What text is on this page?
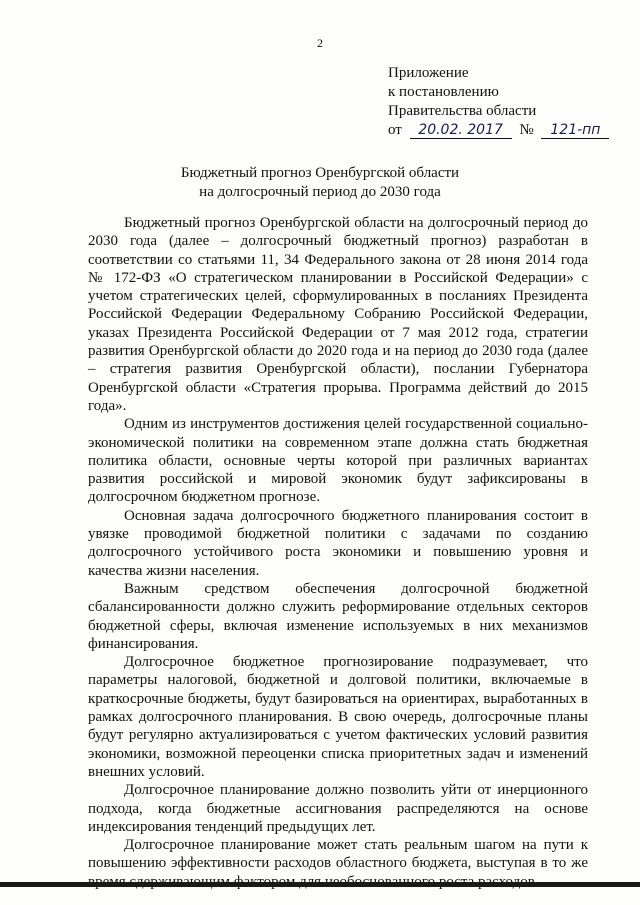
2
Приложение
к постановлению
Правительства области
от 20.02. 2017 № 121-пп
Бюджетный прогноз Оренбургской области
на долгосрочный период до 2030 года

Бюджетный прогноз Оренбургской области на долгосрочный период до 2030 года (далее – долгосрочный бюджетный прогноз) разработан в соответствии со статьями 11, 34 Федерального закона от 28 июня 2014 года № 172-ФЗ «О стратегическом планировании в Российской Федерации» с учетом стратегических целей, сформулированных в посланиях Президента Российской Федерации Федеральному Собранию Российской Федерации, указах Президента Российской Федерации от 7 мая 2012 года, стратегии развития Оренбургской области до 2020 года и на период до 2030 года (далее – стратегия развития Оренбургской области), послании Губернатора Оренбургской области «Стратегия прорыва. Программа действий до 2015 года».

Одним из инструментов достижения целей государственной социально-экономической политики на современном этапе должна стать бюджетная политика области, основные черты которой при различных вариантах развития российской и мировой экономик будут зафиксированы в долгосрочном бюджетном прогнозе.

Основная задача долгосрочного бюджетного планирования состоит в увязке проводимой бюджетной политики с задачами по созданию долгосрочного устойчивого роста экономики и повышению уровня и качества жизни населения.

Важным средством обеспечения долгосрочной бюджетной сбалансированности должно служить реформирование отдельных секторов бюджетной сферы, включая изменение используемых в них механизмов финансирования.

Долгосрочное бюджетное прогнозирование подразумевает, что параметры налоговой, бюджетной и долговой политики, включаемые в краткосрочные бюджеты, будут базироваться на ориентирах, выработанных в рамках долгосрочного планирования. В свою очередь, долгосрочные планы будут регулярно актуализироваться с учетом фактических условий развития экономики, возможной переоценки списка приоритетных задач и изменений внешних условий.

Долгосрочное планирование должно позволить уйти от инерционного подхода, когда бюджетные ассигнования распределяются на основе индексирования тенденций предыдущих лет.

Долгосрочное планирование может стать реальным шагом на пути к повышению эффективности расходов областного бюджета, выступая в то же
